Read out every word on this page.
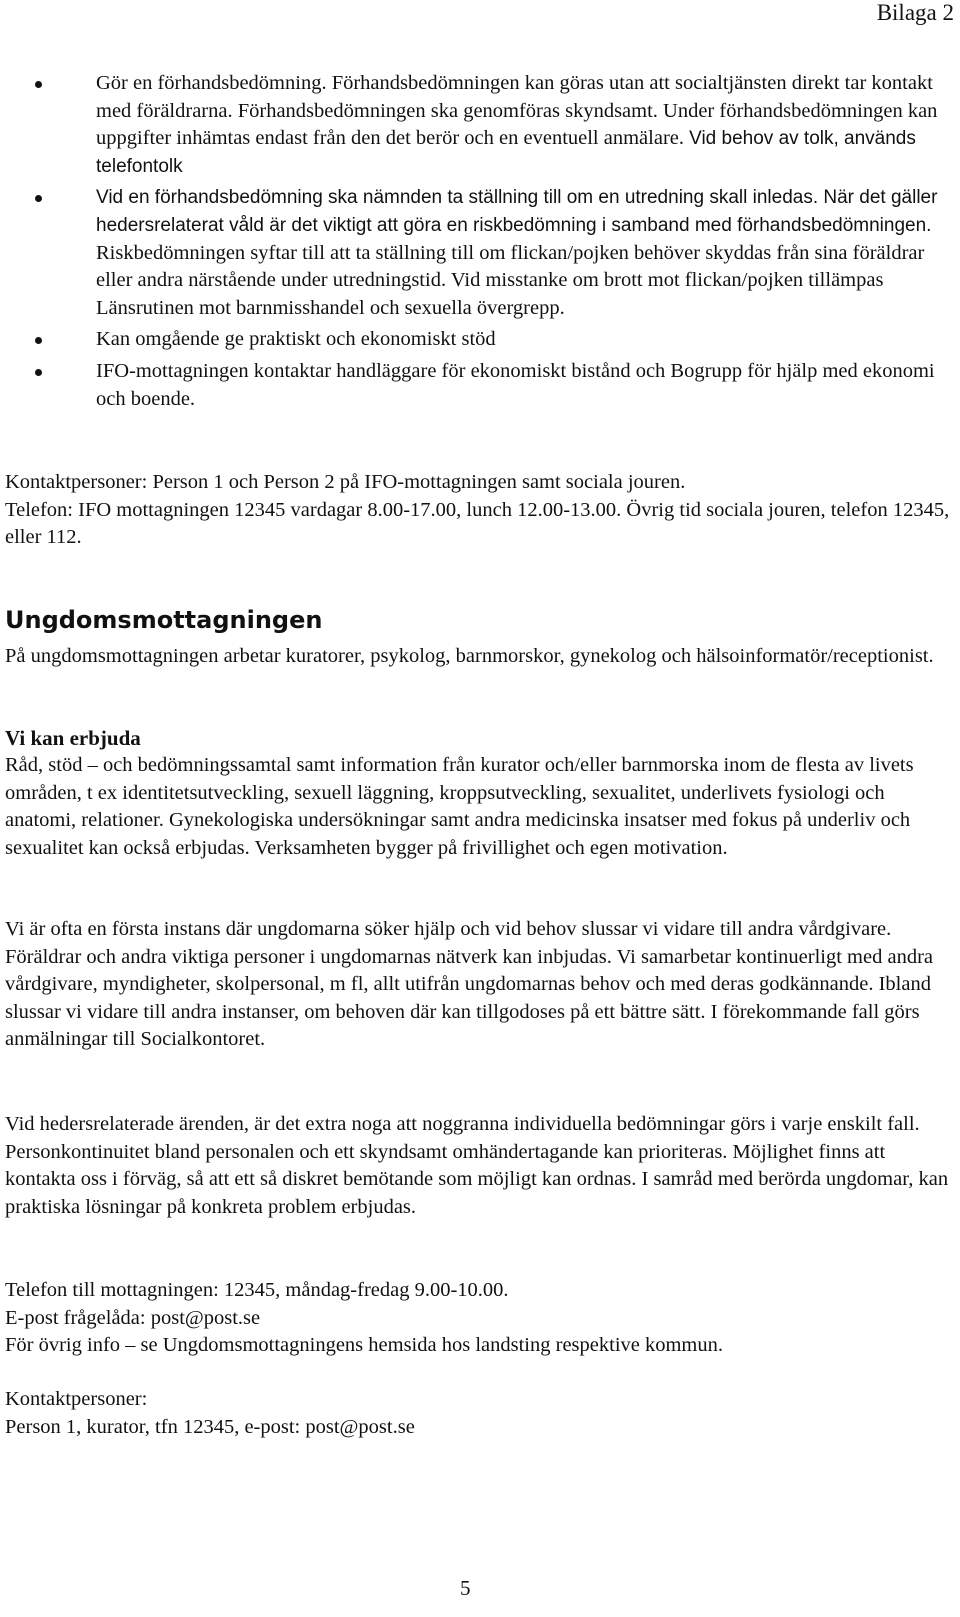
Bilaga 2
Gör en förhandsbedömning. Förhandsbedömningen kan göras utan att socialtjänsten direkt tar kontakt med föräldrarna. Förhandsbedömningen ska genomföras skyndsamt. Under förhandsbedömningen kan uppgifter inhämtas endast från den det berör och en eventuell anmälare. Vid behov av tolk, används telefontolk
Vid en förhandsbedömning ska nämnden ta ställning till om en utredning skall inledas. När det gäller hedersrelaterat våld är det viktigt att göra en riskbedömning i samband med förhandsbedömningen. Riskbedömningen syftar till att ta ställning till om flickan/pojken behöver skyddas från sina föräldrar eller andra närstående under utredningstid. Vid misstanke om brott mot flickan/pojken tillämpas Länsrutinen mot barnmisshandel och sexuella övergrepp.
Kan omgående ge praktiskt och ekonomiskt stöd
IFO-mottagningen kontaktar handläggare för ekonomiskt bistånd och Bogrupp för hjälp med ekonomi och boende.

Kontaktpersoner: Person 1 och Person 2 på IFO-mottagningen samt sociala jouren.

Telefon: IFO mottagningen 12345 vardagar 8.00-17.00, lunch 12.00-13.00. Övrig tid sociala jouren, telefon 12345, eller 112.

Ungdomsmottagningen
På ungdomsmottagningen arbetar kuratorer, psykolog, barnmorskor, gynekolog och hälsoinformatör/receptionist.
Vi kan erbjuda
Råd, stöd – och bedömningssamtal samt information från kurator och/eller barnmorska inom de flesta av livets områden, t ex identitetsutveckling, sexuell läggning, kroppsutveckling, sexualitet, underlivets fysiologi och anatomi, relationer. Gynekologiska undersökningar samt andra medicinska insatser med fokus på underliv och sexualitet kan också erbjudas. Verksamheten bygger på frivillighet och egen motivation.
Vi är ofta en första instans där ungdomarna söker hjälp och vid behov slussar vi vidare till andra vårdgivare. Föräldrar och andra viktiga personer i ungdomarnas nätverk kan inbjudas. Vi samarbetar kontinuerligt med andra vårdgivare, myndigheter, skolpersonal, m fl, allt utifrån ungdomarnas behov och med deras godkännande. Ibland slussar vi vidare till andra instanser, om behoven där kan tillgodoses på ett bättre sätt. I förekommande fall görs anmälningar till Socialkontoret.
Vid hedersrelaterade ärenden, är det extra noga att noggranna individuella bedömningar görs i varje enskilt fall. Personkontinuitet bland personalen och ett skyndsamt omhändertagande kan prioriteras. Möjlighet finns att kontakta oss i förväg, så att ett så diskret bemötande som möjligt kan ordnas. I samråd med berörda ungdomar, kan praktiska lösningar på konkreta problem erbjudas.

Telefon till mottagningen: 12345, måndag-fredag 9.00-10.00.

E-post frågelåda: post@post.se

För övrig info – se Ungdomsmottagningens hemsida hos landsting respektive kommun.

Kontaktpersoner:

Person 1, kurator, tfn 12345, e-post: post@post.se

5
